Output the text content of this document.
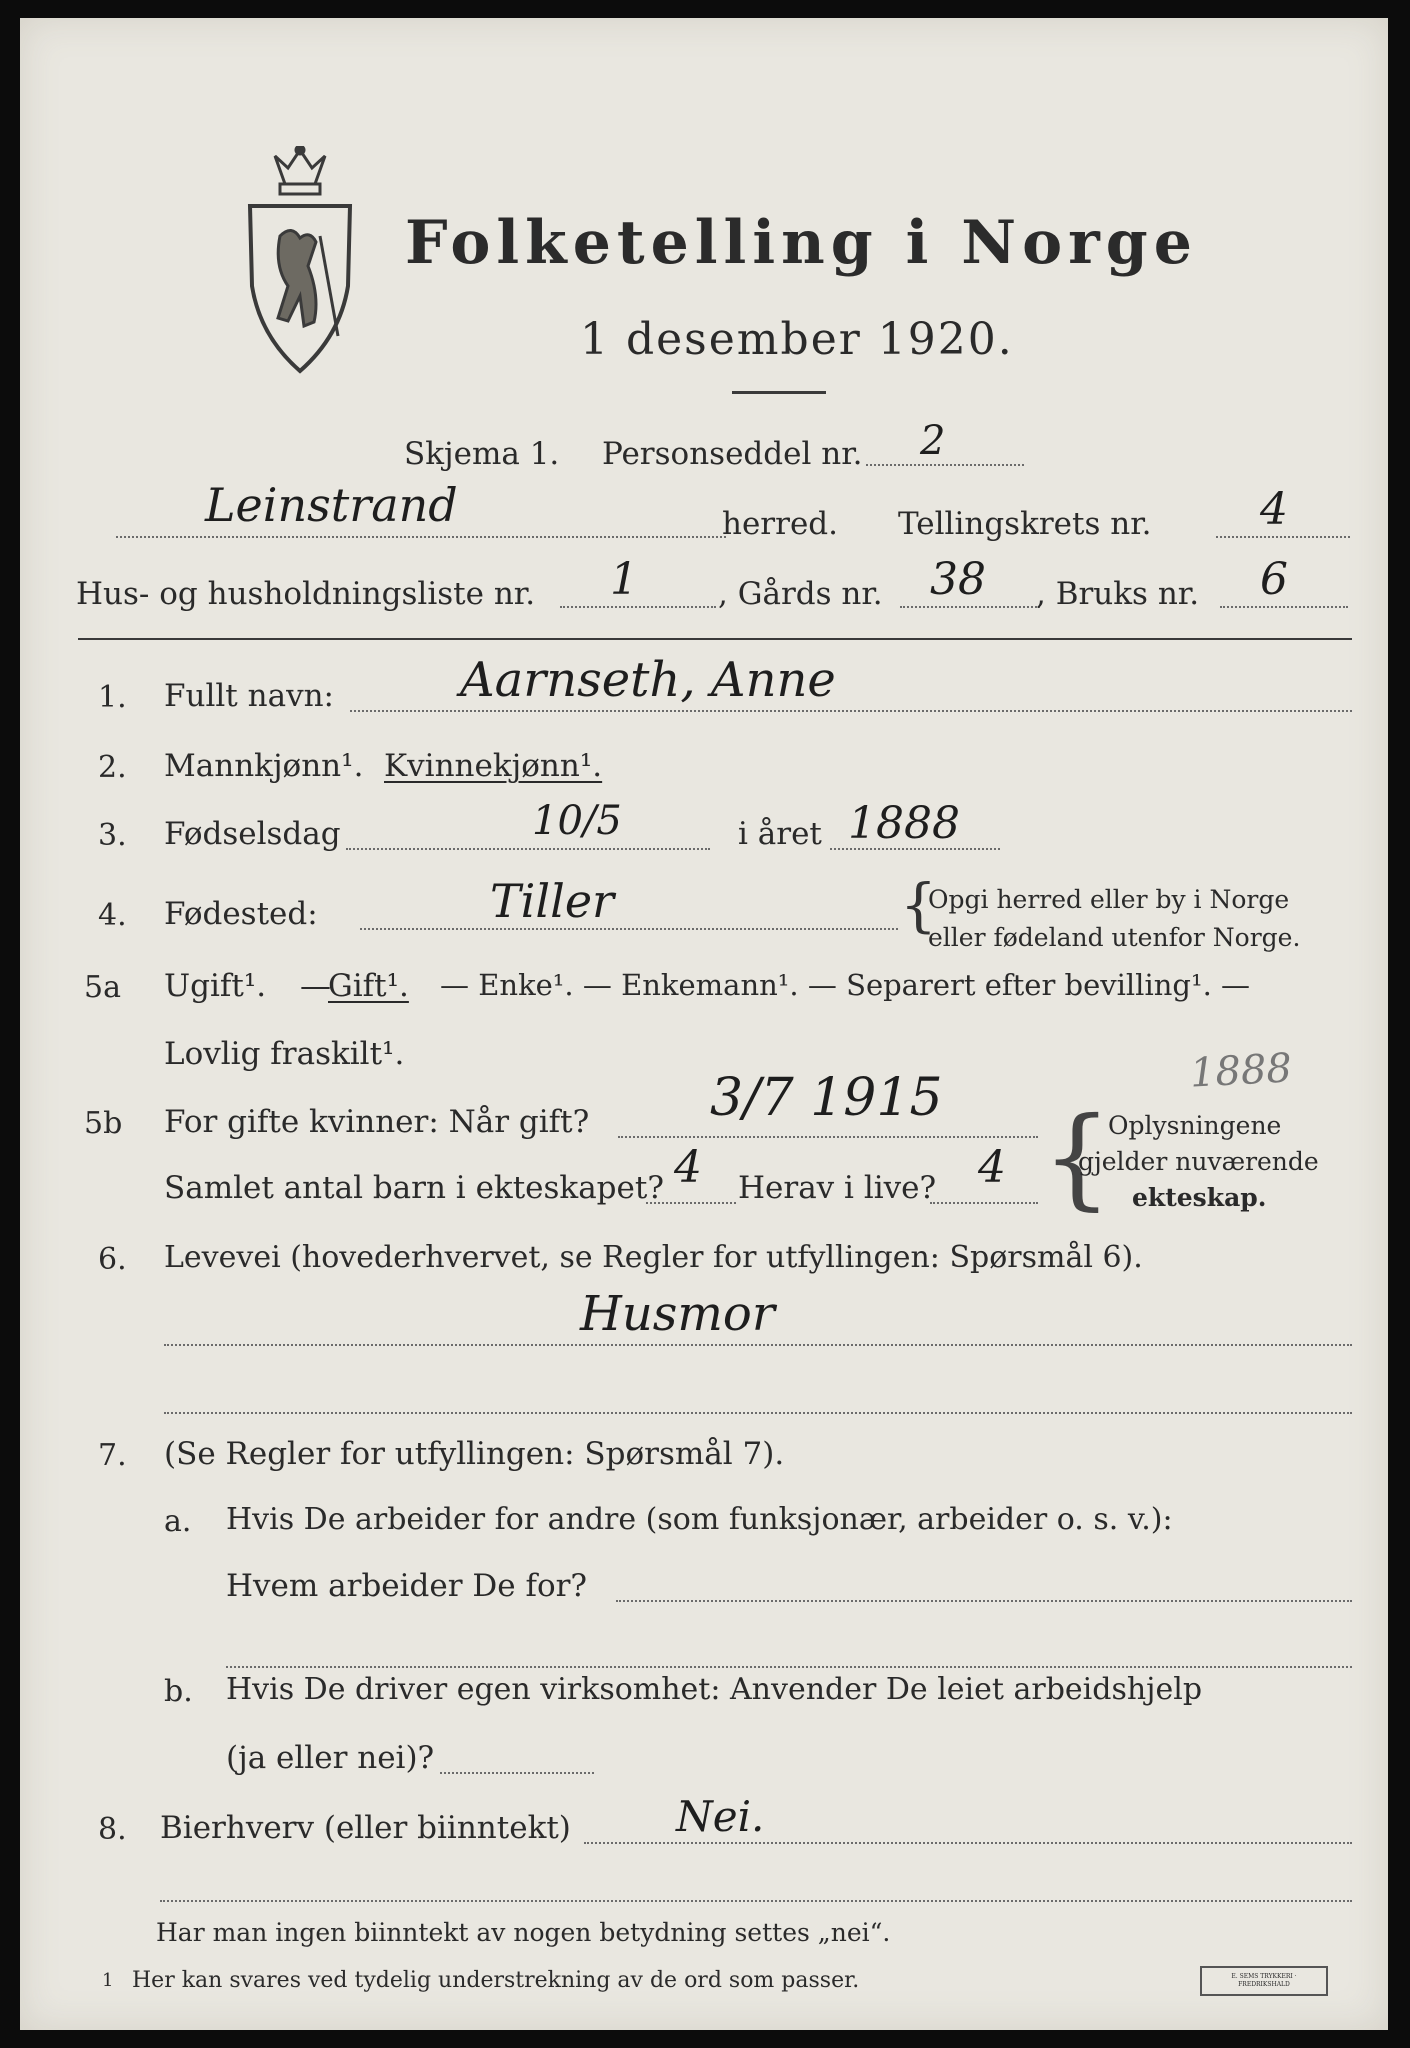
Folketelling i Norge
1 desember 1920.
Skjema 1. Personseddel nr. 2
Leinstrand	herred. Tellingskrets nr. 4
Hus- og husholdningsliste nr. 1	, Gårds nr. 38 , Bruks nr. 6
1. Fullt navn:	Aarnseth, Anne
2. Mannkjønn¹. Kvinnekjønn¹.
3. Fødselsdag	10/5	i året 1888
4. Fødested:	Tiller	{
Opgi herred eller by i Norge
eller fødeland utenfor Norge.
5a Ugift¹. —
Gift¹. — Enke¹. — Enkemann¹. — Separert efter bevilling¹. —
Lovlig fraskilt¹.	1888
5b For gifte kvinner: Når gift? 3/7 1915
Samlet antal barn i ekteskapet? 4 Herav i live? 4 {
Oplysningene
gjelder nuværende
ekteskap.
6. Levevei (hovederhvervet, se Regler for utfyllingen: Spørsmål 6).
Husmor
7. (Se Regler for utfyllingen: Spørsmål 7).
a. Hvis De arbeider for andre (som funksjonær, arbeider o. s. v.):
Hvem arbeider De for?
b. Hvis De driver egen virksomhet: Anvender De leiet arbeidshjelp
(ja eller nei)?
8. Bierhverv (eller biinntekt)	Nei.
Har man ingen biinntekt av nogen betydning settes „nei“.
1 Her kan svares ved tydelig understrekning av de ord som passer.	E. SEMS TRYKKERI · FREDRIKSHALD
